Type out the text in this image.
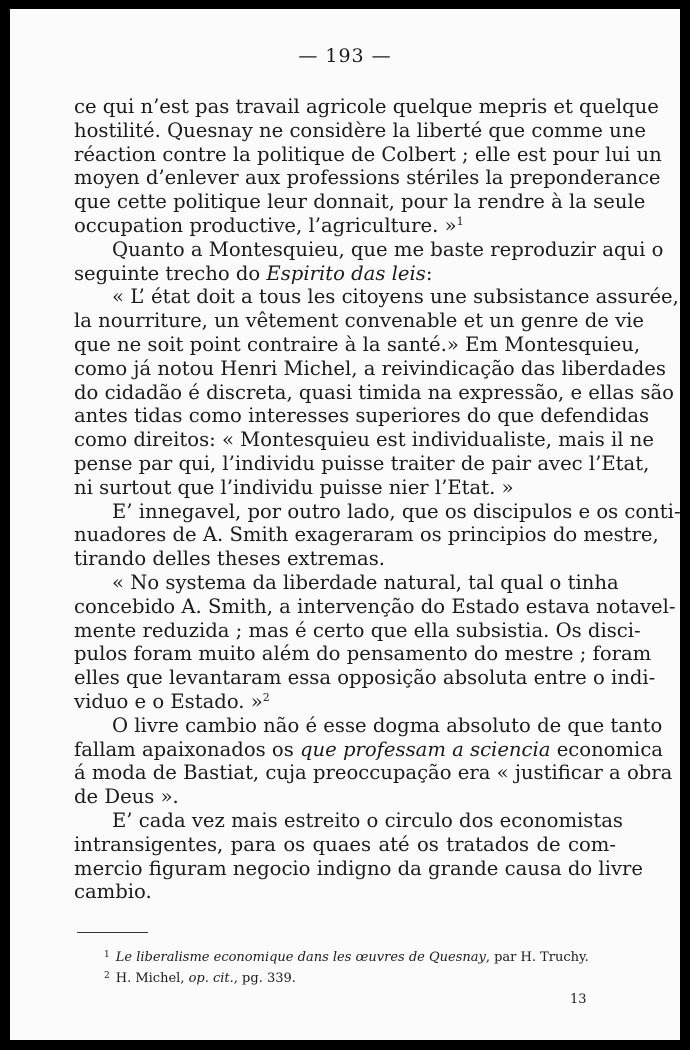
— 193 —
ce qui n’est pas travail agricole quelque mepris et quelque
hostilité. Quesnay ne considère la liberté que comme une
réaction contre la politique de Colbert ; elle est pour lui un
moyen d’enlever aux professions stériles la preponderance
que cette politique leur donnait, pour la rendre à la seule
occupation productive, l’agriculture. »$^1$
Quanto a Montesquieu, que me baste reproduzir aqui o
seguinte trecho do Espirito das leis:
« L’ état doit a tous les citoyens une subsistance assurée,
la nourriture, un vêtement convenable et un genre de vie
que ne soit point contraire à la santé.» Em Montesquieu,
como já notou Henri Michel, a reivindicação das liberdades
do cidadão é discreta, quasi timida na expressão, e ellas são
antes tidas como interesses superiores do que defendidas
como direitos: « Montesquieu est individualiste, mais il ne
pense par qui, l’individu puisse traiter de pair avec l’Etat,
ni surtout que l’individu puisse nier l’Etat. »
E’ innegavel, por outro lado, que os discipulos e os conti-
nuadores de A. Smith exageraram os principios do mestre,
tirando delles theses extremas.
« No systema da liberdade natural, tal qual o tinha
concebido A. Smith, a intervenção do Estado estava notavel-
mente reduzida ; mas é certo que ella subsistia. Os disci-
pulos foram muito além do pensamento do mestre ; foram
elles que levantaram essa opposição absoluta entre o indi-
viduo e o Estado. »$^2$
O livre cambio não é esse dogma absoluto de que tanto
fallam apaixonados os que professam a sciencia economica
á moda de Bastiat, cuja preoccupação era « justificar a obra
de Deus ».
E’ cada vez mais estreito o circulo dos economistas
intransigentes, para os quaes até os tratados de com-
mercio figuram negocio indigno da grande causa do livre
cambio.
$^1$ Le liberalisme economique dans les œuvres de Quesnay, par H. Truchy.
$^2$ H. Michel, op. cit., pg. 339.
13
